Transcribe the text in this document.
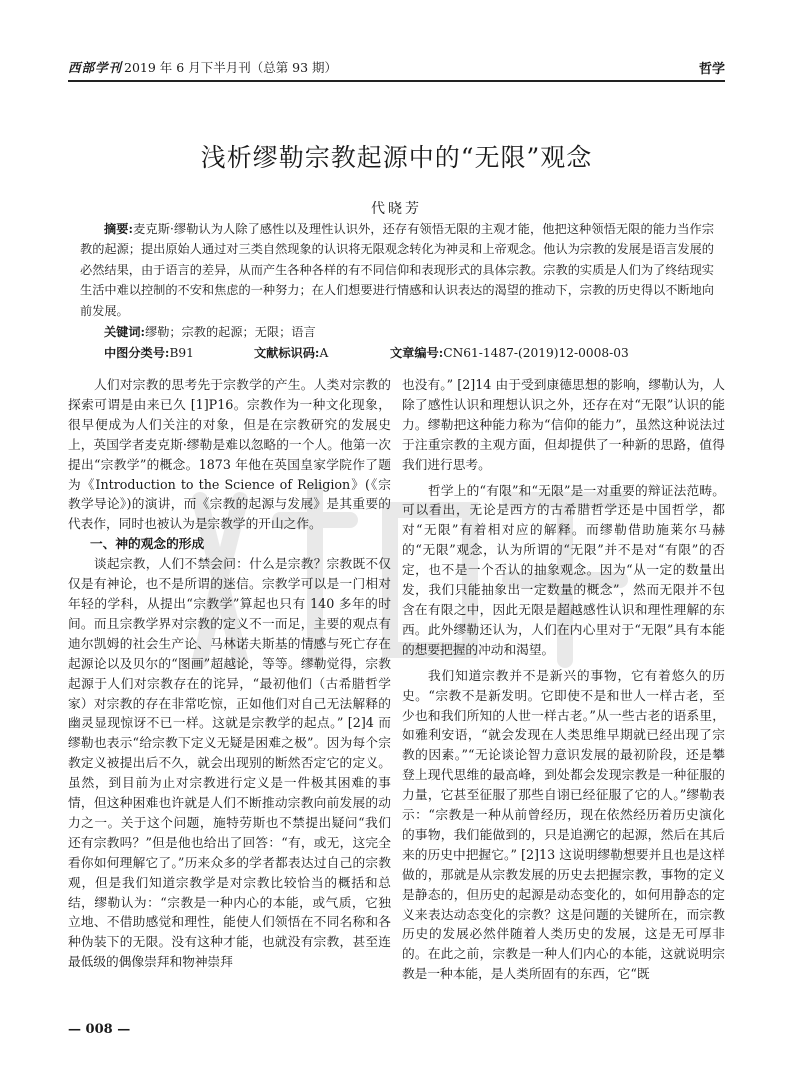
西部学刊 2019 年 6 月下半月刊（总第 93 期）	哲学
浅析缪勒宗教起源中的“无限”观念
代晓芳
摘要:麦克斯·缪勒认为人除了感性以及理性认识外，还存有领悟无限的主观才能，他把这种领悟无限的能力当作宗教的起源；提出原始人通过对三类自然现象的认识将无限观念转化为神灵和上帝观念。他认为宗教的发展是语言发展的必然结果，由于语言的差异，从而产生各种各样的有不同信仰和表现形式的具体宗教。宗教的实质是人们为了终结现实生活中难以控制的不安和焦虑的一种努力；在人们想要进行情感和认识表达的渴望的推动下，宗教的历史得以不断地向前发展。
关键词:缪勒；宗教的起源；无限；语言
中图分类号:B91	文献标识码:A	文章编号:CN61-1487-(2019)12-0008-03

人们对宗教的思考先于宗教学的产生。人类对宗教的探索可谓是由来已久 [1]P16。宗教作为一种文化现象，很早便成为人们关注的对象，但是在宗教研究的发展史上，英国学者麦克斯·缪勒是难以忽略的一个人。他第一次提出“宗教学”的概念。1873 年他在英国皇家学院作了题为《Introduction to the Science of Religion》(《宗教学导论》)的演讲，而《宗教的起源与发展》是其重要的代表作，同时也被认为是宗教学的开山之作。

一、神的观念的形成

谈起宗教，人们不禁会问：什么是宗教？宗教既不仅仅是有神论，也不是所谓的迷信。宗教学可以是一门相对年轻的学科，从提出“宗教学”算起也只有 140 多年的时间。而且宗教学界对宗教的定义不一而足，主要的观点有迪尔凯姆的社会生产论、马林诺夫斯基的情感与死亡存在起源论以及贝尔的“图画”超越论，等等。缪勒觉得，宗教起源于人们对宗教存在的诧异，“最初他们（古希腊哲学家）对宗教的存在非常吃惊，正如他们对自己无法解释的幽灵显现惊讶不已一样。这就是宗教学的起点。” [2]4 而缪勒也表示“给宗教下定义无疑是困难之极”。因为每个宗教定义被提出后不久，就会出现别的断然否定它的定义。虽然，到目前为止对宗教进行定义是一件极其困难的事情，但这种困难也许就是人们不断推动宗教向前发展的动力之一。关于这个问题，施特劳斯也不禁提出疑问“我们还有宗教吗？”但是他也给出了回答：“有，或无，这完全看你如何理解它了。”历来众多的学者都表达过自己的宗教观，但是我们知道宗教学是对宗教比较恰当的概括和总结，缪勒认为：“宗教是一种内心的本能，或气质，它独立地、不借助感觉和理性，能使人们领悟在不同名称和各种伪装下的无限。没有这种才能，也就没有宗教，甚至连最低级的偶像崇拜和物神崇拜

也没有。” [2]14 由于受到康德思想的影响，缪勒认为，人除了感性认识和理想认识之外，还存在对“无限”认识的能力。缪勒把这种能力称为“信仰的能力”，虽然这种说法过于注重宗教的主观方面，但却提供了一种新的思路，值得我们进行思考。

哲学上的“有限”和“无限”是一对重要的辩证法范畴。可以看出，无论是西方的古希腊哲学还是中国哲学，都对“无限”有着相对应的解释。而缪勒借助施莱尔马赫的“无限”观念，认为所谓的“无限”并不是对“有限”的否定，也不是一个否认的抽象观念。因为“从一定的数量出发，我们只能抽象出一定数量的概念”，然而无限并不包含在有限之中，因此无限是超越感性认识和理性理解的东西。此外缪勒还认为，人们在内心里对于“无限”具有本能的想要把握的冲动和渴望。

我们知道宗教并不是新兴的事物，它有着悠久的历史。“宗教不是新发明。它即使不是和世人一样古老，至少也和我们所知的人世一样古老。”从一些古老的语系里，如雅利安语，“就会发现在人类思维早期就已经出现了宗教的因素。”“无论谈论智力意识发展的最初阶段，还是攀登上现代思维的最高峰，到处都会发现宗教是一种征服的力量，它甚至征服了那些自诩已经征服了它的人。”缪勒表示：“宗教是一种从前曾经历，现在依然经历着历史演化的事物，我们能做到的，只是追溯它的起源，然后在其后来的历史中把握它。” [2]13 这说明缪勒想要并且也是这样做的，那就是从宗教发展的历史去把握宗教，事物的定义是静态的，但历史的起源是动态变化的，如何用静态的定义来表达动态变化的宗教？这是问题的关键所在，而宗教历史的发展必然伴随着人类历史的发展，这是无可厚非的。在此之前，宗教是一种人们内心的本能，这就说明宗教是一种本能，是人类所固有的东西，它“既

— 008 —
